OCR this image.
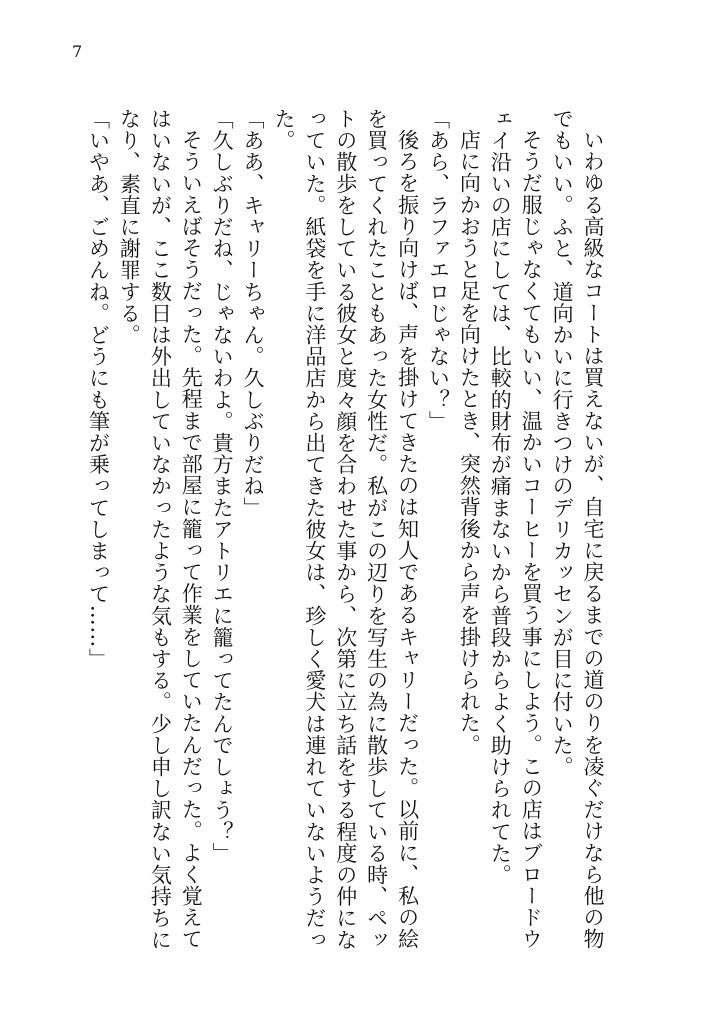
7

いわゆる高級なコートは買えないが、自宅に戻るまでの道のりを凌ぐだけなら他の物でもいい。ふと、道向かいに行きつけのデリカッセンが目に付いた。

そうだ服じゃなくてもいい、温かいコーヒーを買う事にしよう。この店はブロードウェイ沿いの店にしては、比較的財布が痛まないから普段からよく助けられてた。

店に向かおうと足を向けたとき、突然背後から声を掛けられた。

「あら、ラファエロじゃない？」

後ろを振り向けば、声を掛けてきたのは知人であるキャリーだった。以前に、私の絵を買ってくれたこともあった女性だ。私がこの辺りを写生の為に散歩している時、ペットの散歩をしている彼女と度々顔を合わせた事から、次第に立ち話をする程度の仲になっていた。紙袋を手に洋品店から出てきた彼女は、珍しく愛犬は連れていないようだった。

「ああ、キャリーちゃん。久しぶりだね」

「久しぶりだね、じゃないわよ。貴方またアトリエに籠ってたんでしょう？」

そういえばそうだった。先程まで部屋に籠って作業をしていたんだった。よく覚えてはいないが、ここ数日は外出していなかったような気もする。少し申し訳ない気持ちになり、素直に謝罪する。

「いやあ、ごめんね。どうにも筆が乗ってしまって……」
